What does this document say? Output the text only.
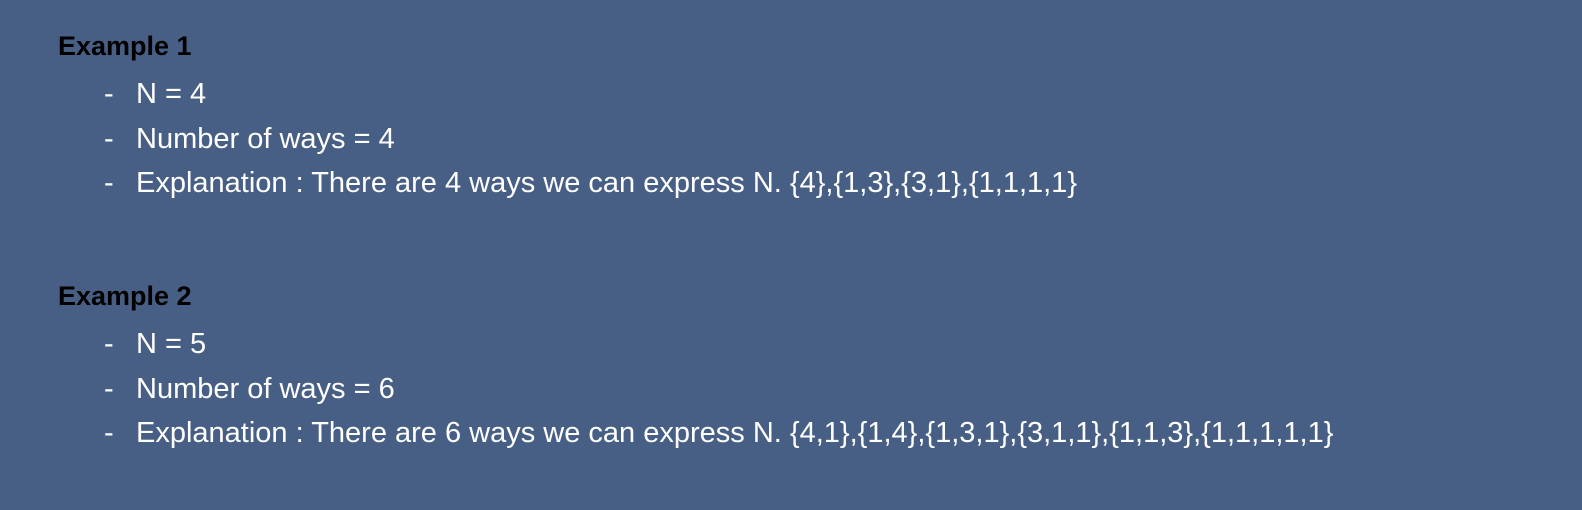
Example 1
- N = 4
- Number of ways = 4
- Explanation : There are 4 ways we can express N. {4},{1,3},{3,1},{1,1,1,1}
Example 2
- N = 5
- Number of ways = 6
- Explanation : There are 6 ways we can express N. {4,1},{1,4},{1,3,1},{3,1,1},{1,1,3},{1,1,1,1,1}
